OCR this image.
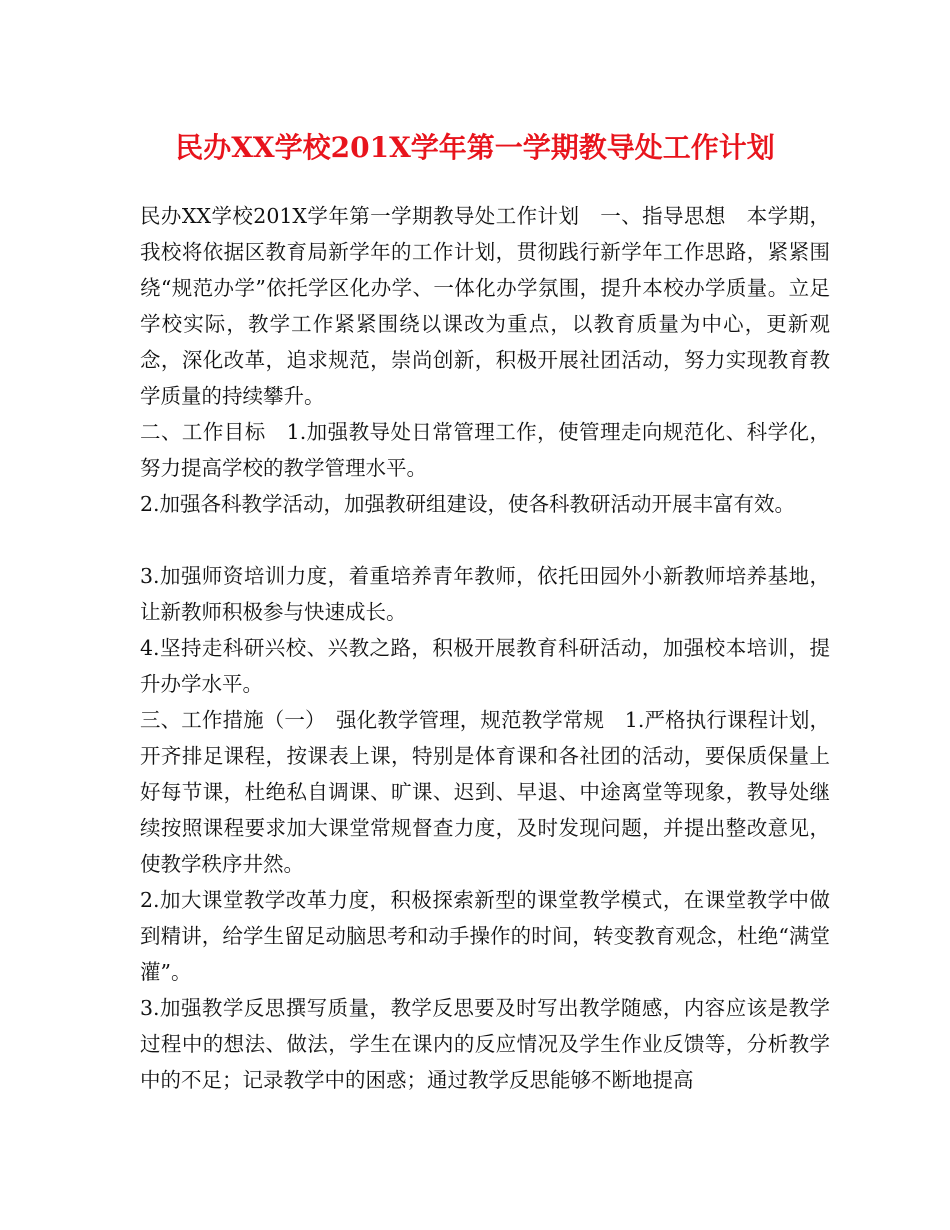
民办XX学校201X学年第一学期教导处工作计划

民办XX学校201X学年第一学期教导处工作计划　一、指导思想　本学期，我校将依据区教育局新学年的工作计划，贯彻践行新学年工作思路，紧紧围绕“规范办学”依托学区化办学、一体化办学氛围，提升本校办学质量。立足学校实际，教学工作紧紧围绕以课改为重点，以教育质量为中心，更新观念，深化改革，追求规范，崇尚创新，积极开展社团活动，努力实现教育教学质量的持续攀升。

二、工作目标　1.加强教导处日常管理工作，使管理走向规范化、科学化，努力提高学校的教学管理水平。

2.加强各科教学活动，加强教研组建设，使各科教研活动开展丰富有效。

3.加强师资培训力度，着重培养青年教师，依托田园外小新教师培养基地，让新教师积极参与快速成长。

4.坚持走科研兴校、兴教之路，积极开展教育科研活动，加强校本培训，提升办学水平。

三、工作措施（一）　强化教学管理，规范教学常规　1.严格执行课程计划，开齐排足课程，按课表上课，特别是体育课和各社团的活动，要保质保量上好每节课，杜绝私自调课、旷课、迟到、早退、中途离堂等现象，教导处继续按照课程要求加大课堂常规督查力度，及时发现问题，并提出整改意见，使教学秩序井然。

2.加大课堂教学改革力度，积极探索新型的课堂教学模式，在课堂教学中做到精讲，给学生留足动脑思考和动手操作的时间，转变教育观念，杜绝“满堂灌”。

3.加强教学反思撰写质量，教学反思要及时写出教学随感，内容应该是教学过程中的想法、做法，学生在课内的反应情况及学生作业反馈等，分析教学中的不足；记录教学中的困惑；通过教学反思能够不断地提高
